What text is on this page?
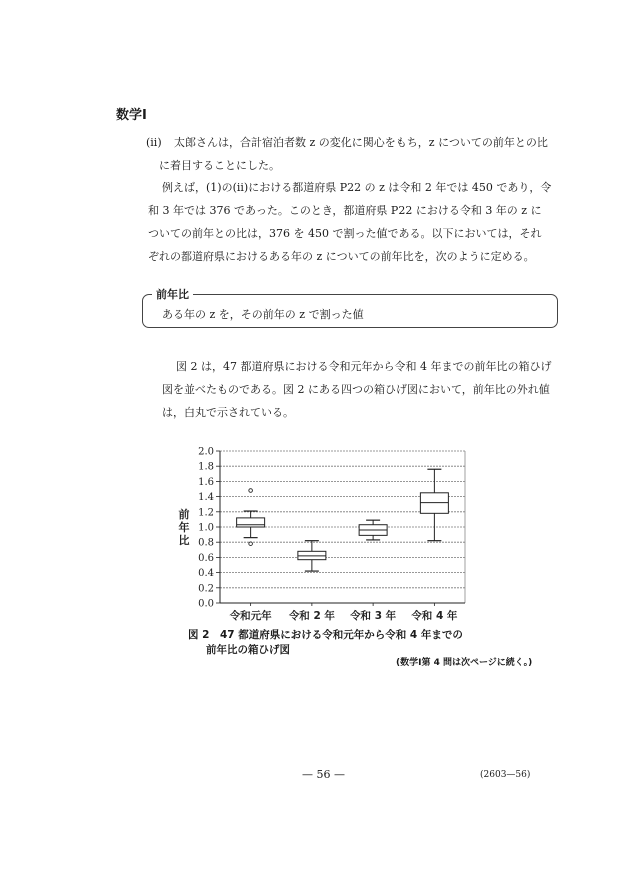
数学Ⅰ
(ii)	太郎さんは，合計宿泊者数 z の変化に関心をもち，z についての前年との比
に着目することにした。
例えば，(1)の(ii)における都道府県 P22 の z は令和 2 年では 450 であり，令
和 3 年では 376 であった。このとき，都道府県 P22 における令和 3 年の z に
ついての前年との比は，376 を 450 で割った値である。以下においては，それ
ぞれの都道府県におけるある年の z についての前年比を，次のように定める。
前年比
ある年の z を，その前年の z で割った値
図 2 は，47 都道府県における令和元年から令和 4 年までの前年比の箱ひげ
図を並べたものである。図 2 にある四つの箱ひげ図において，前年比の外れ値
は，白丸で示されている。
0.0
0.2
0.4
0.6
0.8
1.0
1.2
1.4
1.6
1.8
2.0
令和元年 令和 2 年 令和 3 年 令和 4 年
前年比
図 2　47 都道府県における令和元年から令和 4 年までの
前年比の箱ひげ図
(数学Ⅰ第 4 問は次ページに続く。)
— 56 —	(2603—56)
